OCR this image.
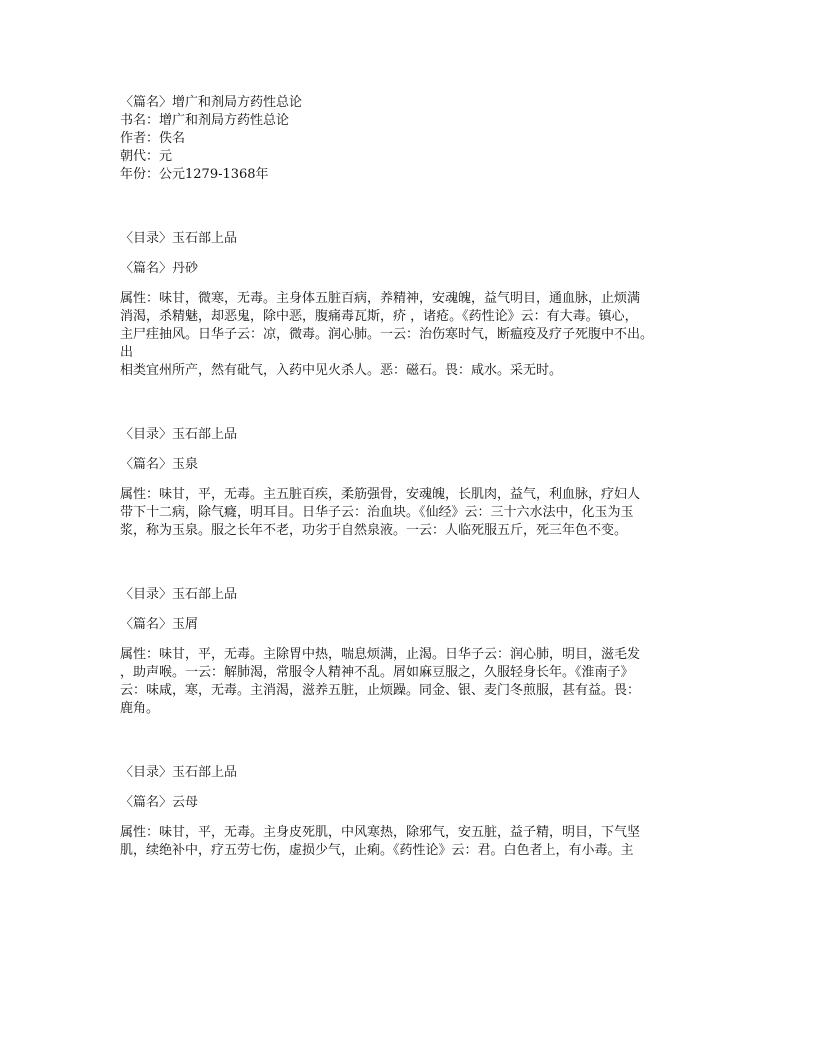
〈篇名〉增广和剂局方药性总论

书名：增广和剂局方药性总论

作者：佚名

朝代：元

年份：公元1279-1368年

〈目录〉玉石部上品

〈篇名〉丹砂

属性：味甘，微寒，无毒。主身体五脏百病，养精神，安魂魄，益气明目，通血脉，止烦满

消渴，杀精魅，却恶鬼，除中恶，腹痛毒瓦斯，疥 ，诸疮。《药性论》云：有大毒。镇心，

主尸疰抽风。日华子云：凉，微毒。润心肺。一云：治伤寒时气，断瘟疫及疗子死腹中不出。

出

相类宜州所产，然有砒气，入药中见火杀人。恶：磁石。畏：咸水。采无时。

〈目录〉玉石部上品

〈篇名〉玉泉

属性：味甘，平，无毒。主五脏百疾，柔筋强骨，安魂魄，长肌肉，益气，利血脉，疗妇人

带下十二病，除气癃，明耳目。日华子云：治血块。《仙经》云：三十六水法中，化玉为玉

浆，称为玉泉。服之长年不老，功劣于自然泉液。一云：人临死服五斤，死三年色不变。

〈目录〉玉石部上品

〈篇名〉玉屑

属性：味甘，平，无毒。主除胃中热，喘息烦满，止渴。日华子云：润心肺，明目，滋毛发

，助声喉。一云：解肺渴，常服令人精神不乱。屑如麻豆服之，久服轻身长年。《淮南子》

云：味咸，寒，无毒。主消渴，滋养五脏，止烦躁。同金、银、麦门冬煎服，甚有益。畏：

鹿角。

〈目录〉玉石部上品

〈篇名〉云母

属性：味甘，平，无毒。主身皮死肌，中风寒热，除邪气，安五脏，益子精，明目，下气坚

肌，续绝补中，疗五劳七伤，虚损少气，止痢。《药性论》云：君。白色者上，有小毒。主
